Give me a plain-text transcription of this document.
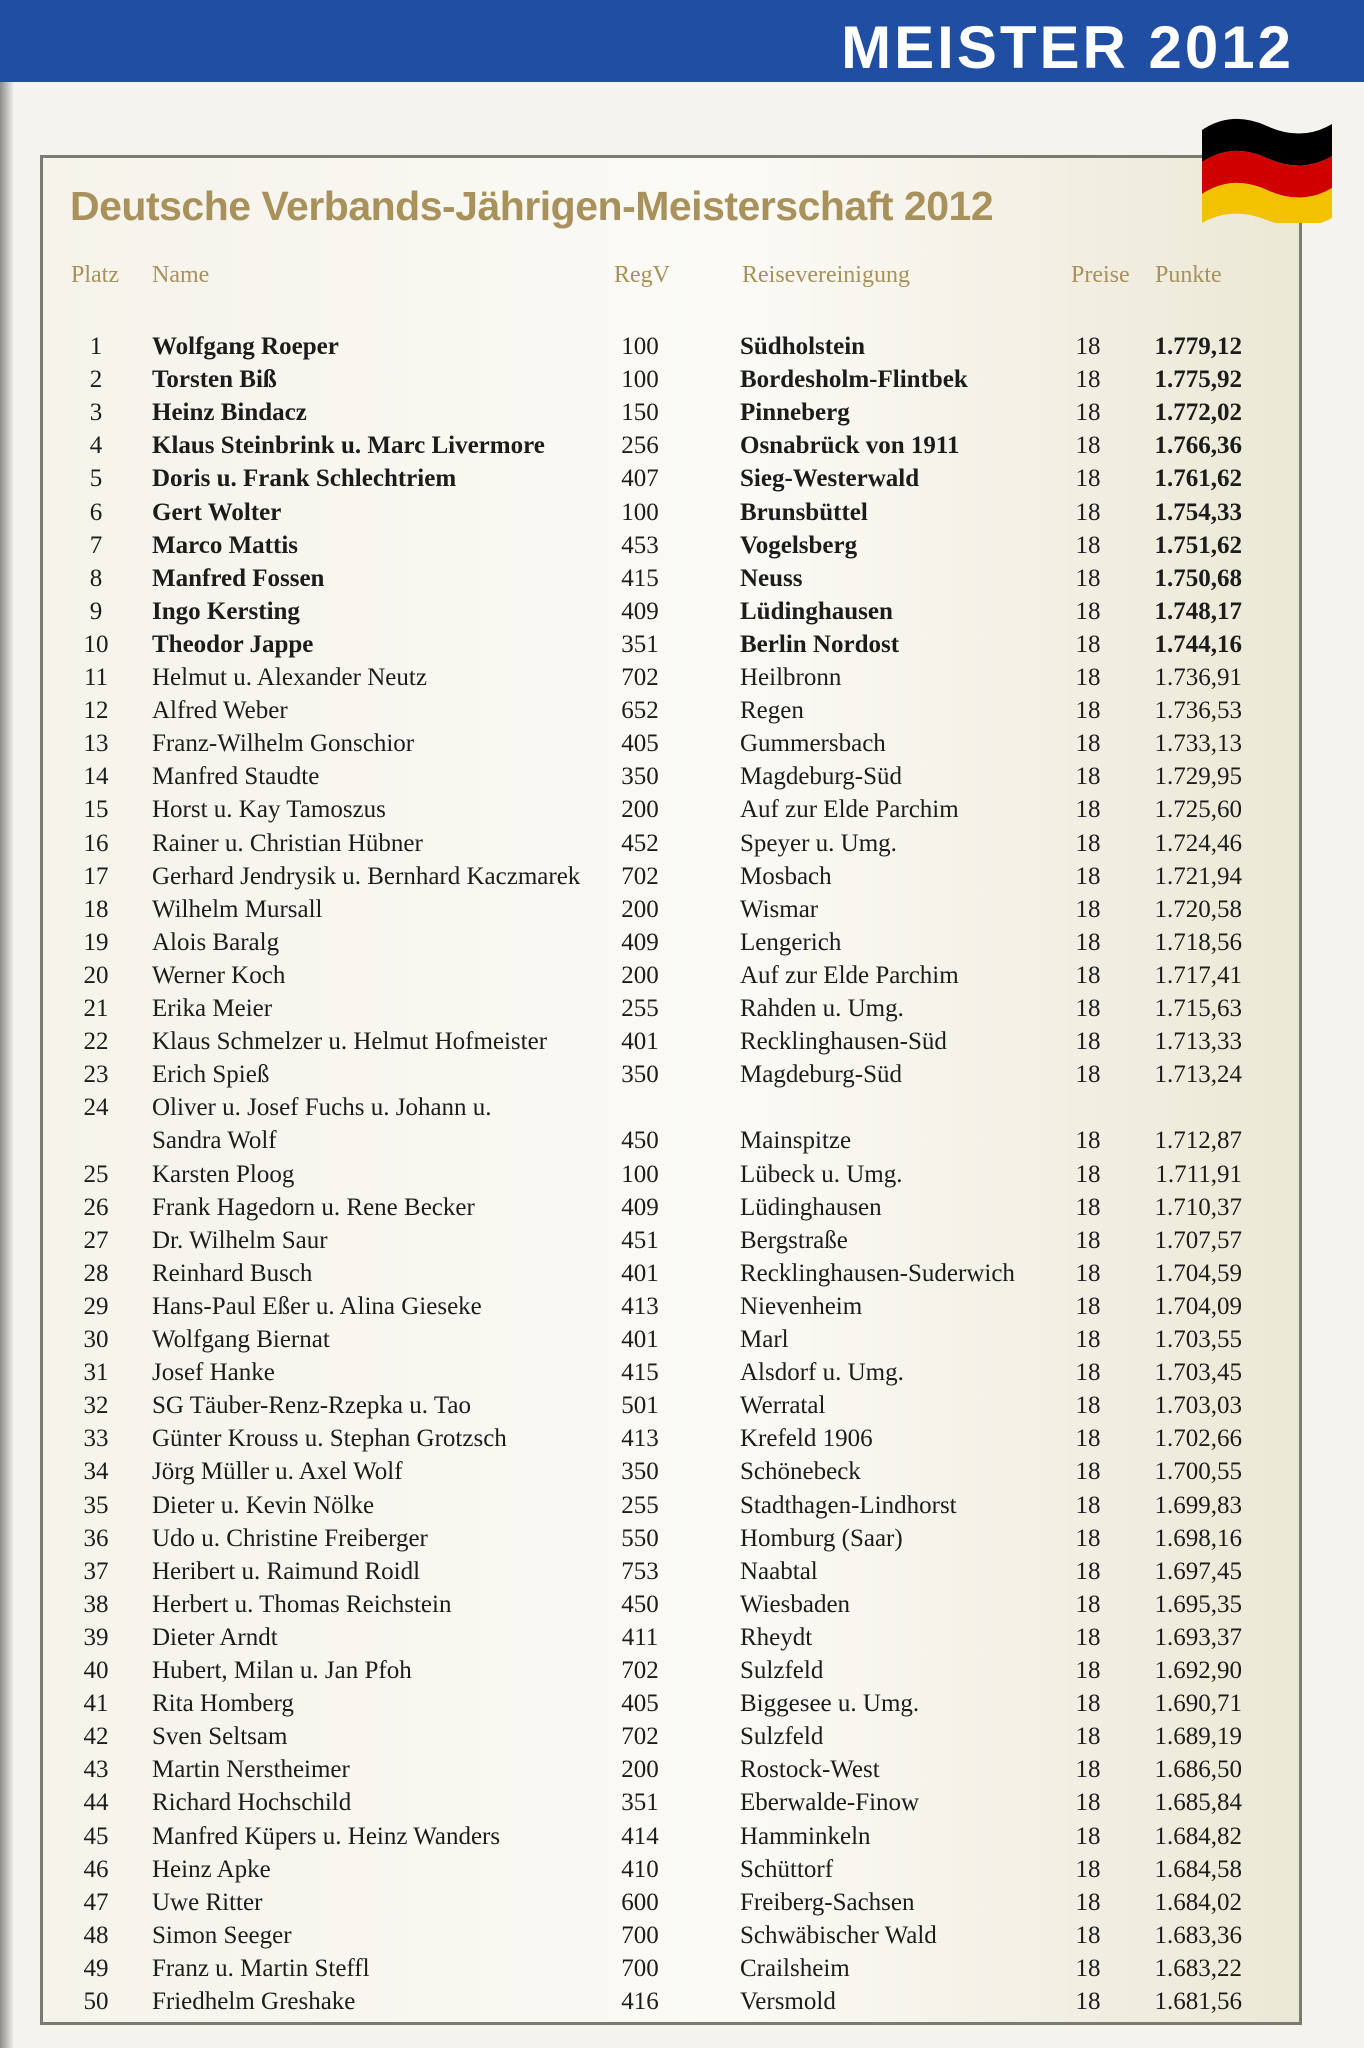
MEISTER 2012
Deutsche Verbands-Jährigen-Meisterschaft 2012
Platz Name	RegV	Reisevereinigung	Preise Punkte
1	Wolfgang Roeper	100	Südholstein	18	1.779,12
2	Torsten Biß	100	Bordesholm-Flintbek	18	1.775,92
3	Heinz Bindacz	150	Pinneberg	18	1.772,02
4	Klaus Steinbrink u. Marc Livermore	256	Osnabrück von 1911	18	1.766,36
5	Doris u. Frank Schlechtriem	407	Sieg-Westerwald	18	1.761,62
6	Gert Wolter	100	Brunsbüttel	18	1.754,33
7	Marco Mattis	453	Vogelsberg	18	1.751,62
8	Manfred Fossen	415	Neuss	18	1.750,68
9	Ingo Kersting	409	Lüdinghausen	18	1.748,17
10	Theodor Jappe	351	Berlin Nordost	18	1.744,16
11	Helmut u. Alexander Neutz	702	Heilbronn	18	1.736,91
12	Alfred Weber	652	Regen	18	1.736,53
13	Franz-Wilhelm Gonschior	405	Gummersbach	18	1.733,13
14	Manfred Staudte	350	Magdeburg-Süd	18	1.729,95
15	Horst u. Kay Tamoszus	200	Auf zur Elde Parchim	18	1.725,60
16	Rainer u. Christian Hübner	452	Speyer u. Umg.	18	1.724,46
17	Gerhard Jendrysik u. Bernhard Kaczmarek	702	Mosbach	18	1.721,94
18	Wilhelm Mursall	200	Wismar	18	1.720,58
19	Alois Baralg	409	Lengerich	18	1.718,56
20	Werner Koch	200	Auf zur Elde Parchim	18	1.717,41
21	Erika Meier	255	Rahden u. Umg.	18	1.715,63
22	Klaus Schmelzer u. Helmut Hofmeister	401	Recklinghausen-Süd	18	1.713,33
23	Erich Spieß	350	Magdeburg-Süd	18	1.713,24
24	Oliver u. Josef Fuchs u. Johann u.
Sandra Wolf	450	Mainspitze	18	1.712,87
25	Karsten Ploog	100	Lübeck u. Umg.	18	1.711,91
26	Frank Hagedorn u. Rene Becker	409	Lüdinghausen	18	1.710,37
27	Dr. Wilhelm Saur	451	Bergstraße	18	1.707,57
28	Reinhard Busch	401	Recklinghausen-Suderwich	18	1.704,59
29	Hans-Paul Eßer u. Alina Gieseke	413	Nievenheim	18	1.704,09
30	Wolfgang Biernat	401	Marl	18	1.703,55
31	Josef Hanke	415	Alsdorf u. Umg.	18	1.703,45
32	SG Täuber-Renz-Rzepka u. Tao	501	Werratal	18	1.703,03
33	Günter Krouss u. Stephan Grotzsch	413	Krefeld 1906	18	1.702,66
34	Jörg Müller u. Axel Wolf	350	Schönebeck	18	1.700,55
35	Dieter u. Kevin Nölke	255	Stadthagen-Lindhorst	18	1.699,83
36	Udo u. Christine Freiberger	550	Homburg (Saar)	18	1.698,16
37	Heribert u. Raimund Roidl	753	Naabtal	18	1.697,45
38	Herbert u. Thomas Reichstein	450	Wiesbaden	18	1.695,35
39	Dieter Arndt	411	Rheydt	18	1.693,37
40	Hubert, Milan u. Jan Pfoh	702	Sulzfeld	18	1.692,90
41	Rita Homberg	405	Biggesee u. Umg.	18	1.690,71
42	Sven Seltsam	702	Sulzfeld	18	1.689,19
43	Martin Nerstheimer	200	Rostock-West	18	1.686,50
44	Richard Hochschild	351	Eberwalde-Finow	18	1.685,84
45	Manfred Küpers u. Heinz Wanders	414	Hamminkeln	18	1.684,82
46	Heinz Apke	410	Schüttorf	18	1.684,58
47	Uwe Ritter	600	Freiberg-Sachsen	18	1.684,02
48	Simon Seeger	700	Schwäbischer Wald	18	1.683,36
49	Franz u. Martin Steffl	700	Crailsheim	18	1.683,22
50	Friedhelm Greshake	416	Versmold	18	1.681,56
